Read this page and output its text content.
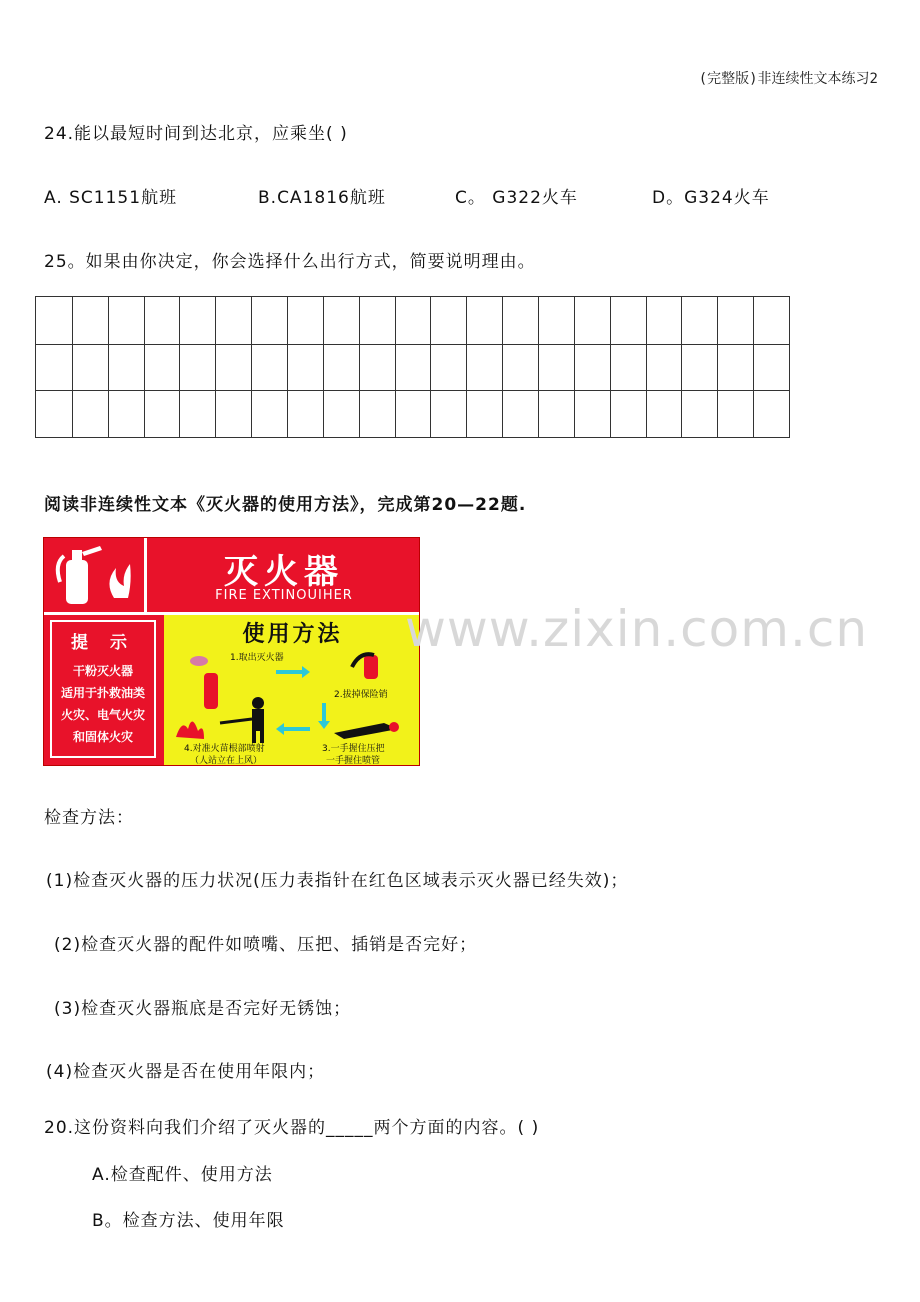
(完整版)非连续性文本练习2
24.能以最短时间到达北京，应乘坐( )
A. SC1151航班	B.CA1816航班	C。 G322火车	D。G324火车
25。如果由你决定，你会选择什么出行方式，简要说明理由。
阅读非连续性文本《灭火器的使用方法》，完成第20—22题.
灭火器
FIRE EXTINOUIHER
提 示
干粉灭火器
适用于扑救油类
火灾、电气火灾
和固体火灾
使用方法
1.取出灭火器
2.拔掉保险销
3.一手握住压把
一手握住喷管
4.对准火苗根部喷射
（人站立在上风）
www.zixin.com.cn
检查方法：
(1)检查灭火器的压力状况(压力表指针在红色区域表示灭火器已经失效)；
(2)检查灭火器的配件如喷嘴、压把、插销是否完好；
(3)检查灭火器瓶底是否完好无锈蚀；
(4)检查灭火器是否在使用年限内；
20.这份资料向我们介绍了灭火器的_____两个方面的内容。( )
A.检查配件、使用方法
B。检查方法、使用年限
